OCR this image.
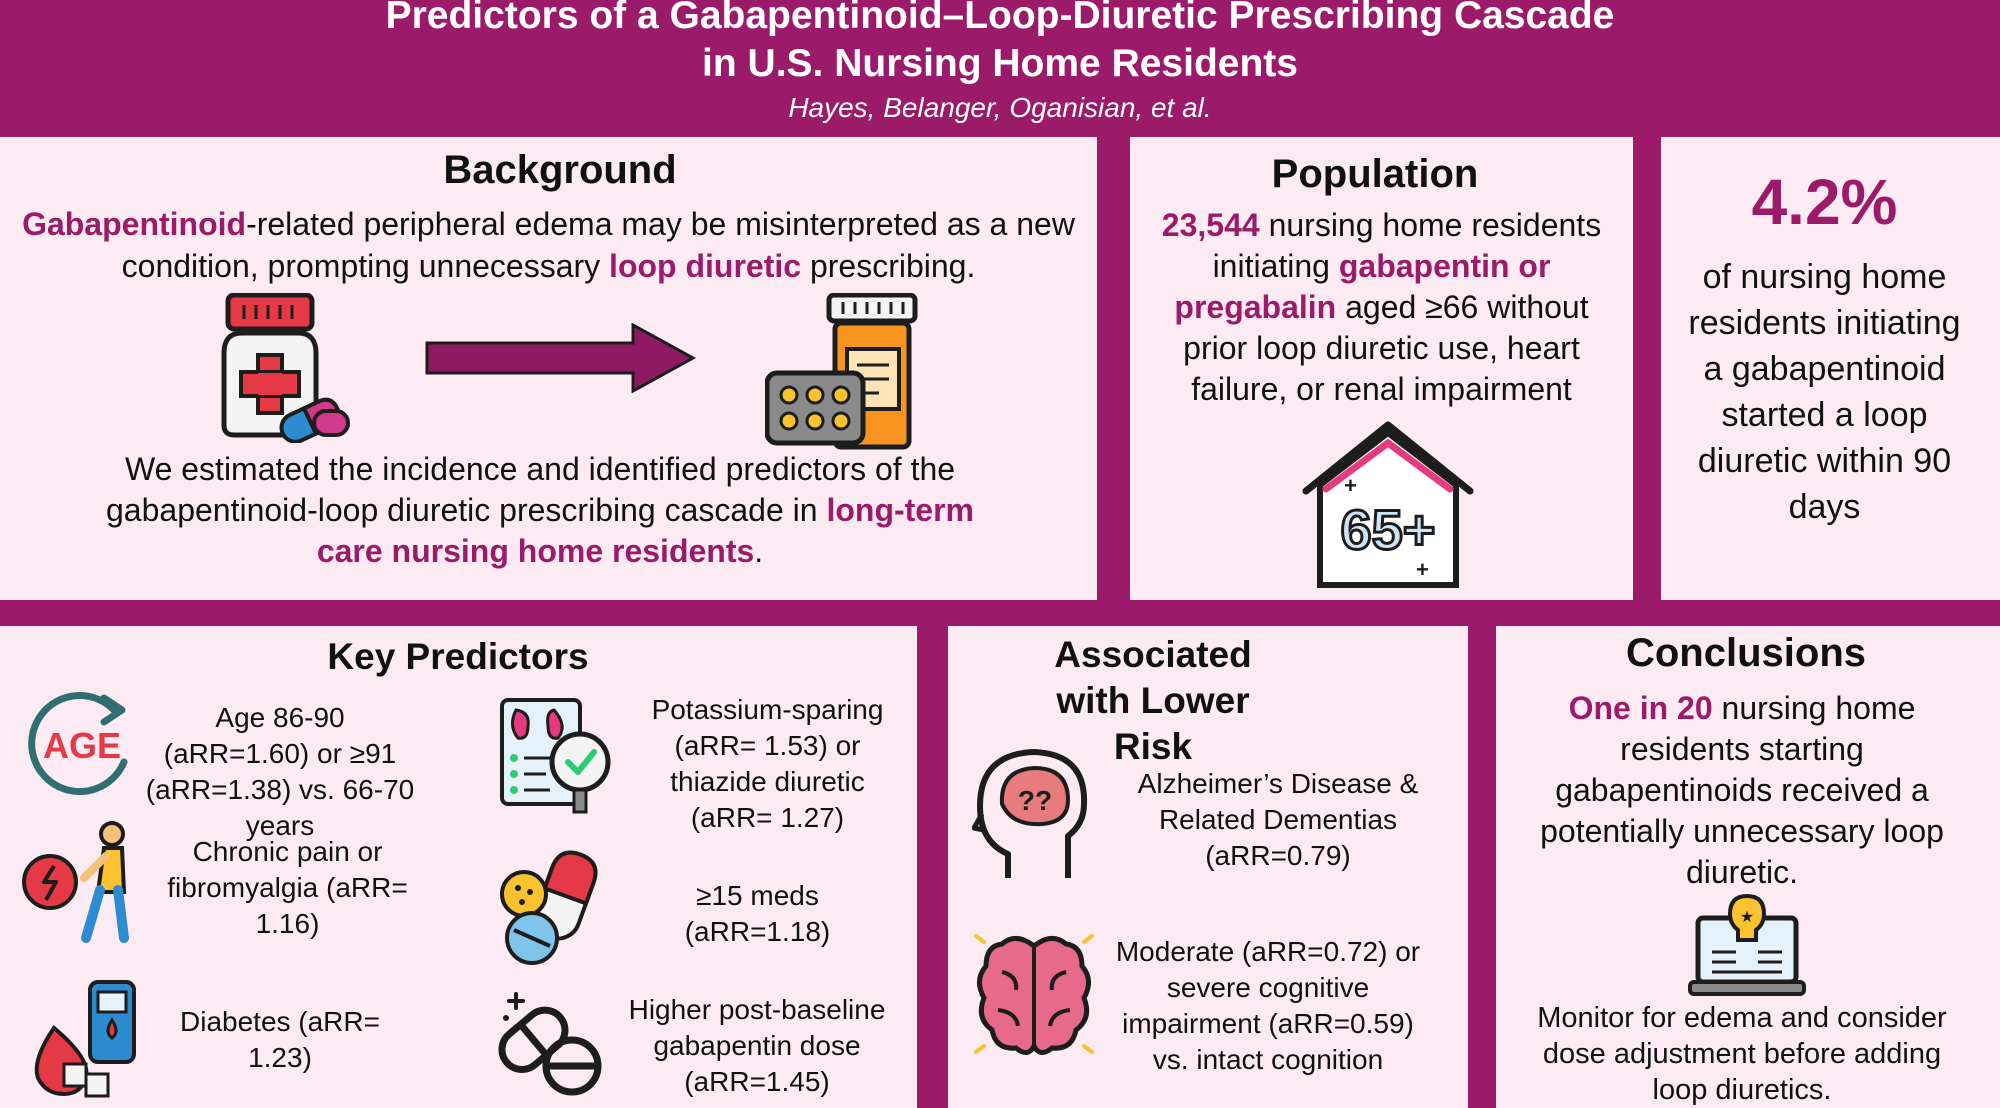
Predictors of a Gabapentinoid–Loop-Diuretic Prescribing Cascade
in U.S. Nursing Home Residents
Hayes, Belanger, Oganisian, et al.
Background
Gabapentinoid-related peripheral edema may be misinterpreted as a new condition, prompting unnecessary loop diuretic prescribing.
We estimated the incidence and identified predictors of the gabapentinoid-loop diuretic prescribing cascade in long-term care nursing home residents.
Population
23,544 nursing home residents initiating gabapentin or pregabalin aged ≥66 without prior loop diuretic use, heart failure, or renal impairment
65+
+
+
4.2%
of nursing home residents initiating a gabapentinoid started a loop diuretic within 90 days
Key Predictors
AGE
Age 86-90 (aRR=1.60) or ≥91 (aRR=1.38) vs. 66-70 years
Chronic pain or fibromyalgia (aRR= 1.16)
Diabetes (aRR= 1.23)
Potassium-sparing (aRR= 1.53) or thiazide diuretic (aRR= 1.27)
≥15 meds (aRR=1.18)
Higher post-baseline gabapentin dose (aRR=1.45)
Associated with Lower Risk
??
Alzheimer’s Disease & Related Dementias (aRR=0.79)
Moderate (aRR=0.72) or severe cognitive impairment (aRR=0.59) vs. intact cognition
Conclusions
One in 20 nursing home residents starting gabapentinoids received a potentially unnecessary loop diuretic.
★
Monitor for edema and consider dose adjustment before adding loop diuretics.
